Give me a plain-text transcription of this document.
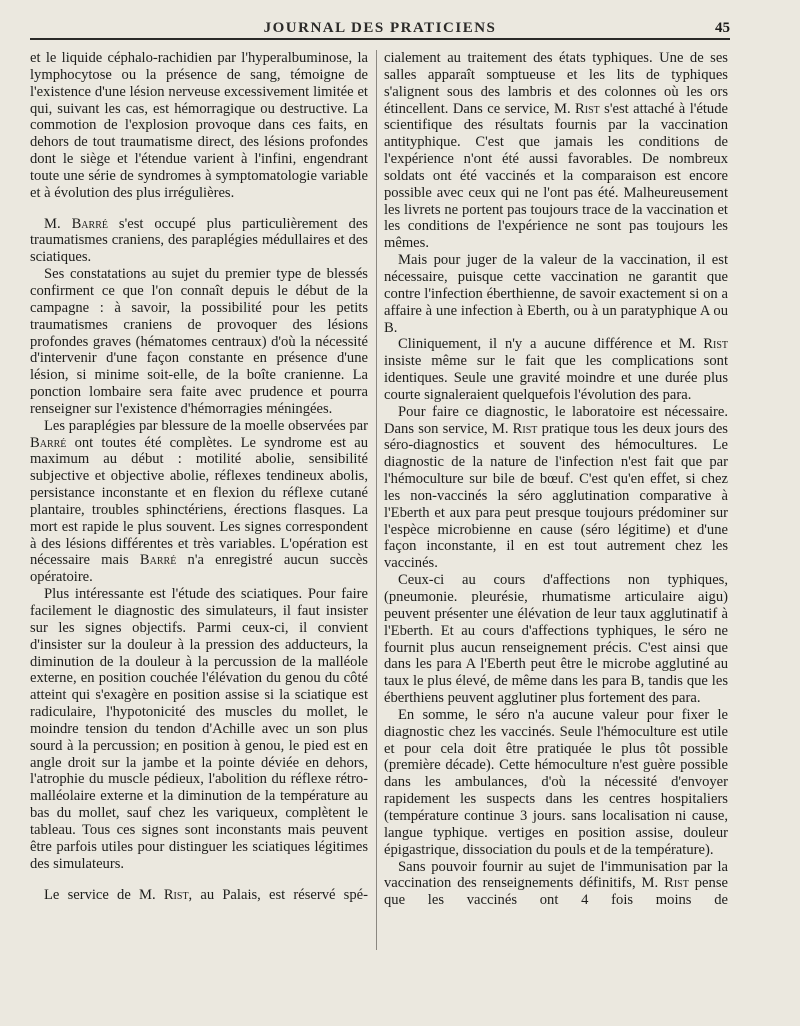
JOURNAL DES PRATICIENS	45

et le liquide céphalo-rachidien par l'hyperalbuminose, la lymphocytose ou la présence de sang, témoigne de l'existence d'une lésion nerveuse excessivement limitée et qui, suivant les cas, est hémorragique ou destructive. La commotion de l'explosion provoque dans ces faits, en dehors de tout traumatisme direct, des lésions profondes dont le siège et l'étendue varient à l'infini, engendrant toute une série de syndromes à symptomatologie variable et à évolution des plus irrégulières.

M. Barré s'est occupé plus particulièrement des traumatismes craniens, des paraplégies médullaires et des sciatiques.

Ses constatations au sujet du premier type de blessés confirment ce que l'on connaît depuis le début de la campagne : à savoir, la possibilité pour les petits traumatismes craniens de provoquer des lésions profondes graves (hématomes centraux) d'où la nécessité d'intervenir d'une façon constante en présence d'une lésion, si minime soit-elle, de la boîte cranienne. La ponction lombaire sera faite avec prudence et pourra renseigner sur l'existence d'hémorragies méningées.

Les paraplégies par blessure de la moelle observées par Barré ont toutes été complètes. Le syndrome est au maximum au début : motilité abolie, sensibilité subjective et objective abolie, réflexes tendineux abolis, persistance inconstante et en flexion du réflexe cutané plantaire, troubles sphinctériens, érections flasques. La mort est rapide le plus souvent. Les signes correspondent à des lésions différentes et très variables. L'opération est nécessaire mais Barré n'a enregistré aucun succès opératoire.

Plus intéressante est l'étude des sciatiques. Pour faire facilement le diagnostic des simulateurs, il faut insister sur les signes objectifs. Parmi ceux-ci, il convient d'insister sur la douleur à la pression des adducteurs, la diminution de la douleur à la percussion de la malléole externe, en position couchée l'élévation du genou du côté atteint qui s'exagère en position assise si la sciatique est radiculaire, l'hypotonicité des muscles du mollet, le moindre tension du tendon d'Achille avec un son plus sourd à la percussion; en position à genou, le pied est en angle droit sur la jambe et la pointe déviée en dehors, l'atrophie du muscle pédieux, l'abolition du réflexe rétro-malléolaire externe et la diminution de la température au bas du mollet, sauf chez les variqueux, complètent le tableau. Tous ces signes sont inconstants mais peuvent être parfois utiles pour distinguer les sciatiques légitimes des simulateurs.

Le service de M. Rist, au Palais, est réservé spé-

cialement au traitement des états typhiques. Une de ses salles apparaît somptueuse et les lits de typhiques s'alignent sous des lambris et des colonnes où les ors étincellent. Dans ce service, M. Rist s'est attaché à l'étude scientifique des résultats fournis par la vaccination antityphique. C'est que jamais les conditions de l'expérience n'ont été aussi favorables. De nombreux soldats ont été vaccinés et la comparaison est encore possible avec ceux qui ne l'ont pas été. Malheureusement les livrets ne portent pas toujours trace de la vaccination et les conditions de l'expérience ne sont pas toujours les mêmes.

Mais pour juger de la valeur de la vaccination, il est nécessaire, puisque cette vaccination ne garantit que contre l'infection éberthienne, de savoir exactement si on a affaire à une infection à Eberth, ou à un paratyphique A ou B.

Cliniquement, il n'y a aucune différence et M. Rist insiste même sur le fait que les complications sont identiques. Seule une gravité moindre et une durée plus courte signaleraient quelquefois l'évolution des para.

Pour faire ce diagnostic, le laboratoire est nécessaire. Dans son service, M. Rist pratique tous les deux jours des séro-diagnostics et souvent des hémocultures. Le diagnostic de la nature de l'infection n'est fait que par l'hémoculture sur bile de bœuf. C'est qu'en effet, si chez les non-vaccinés la séro agglutination comparative à l'Eberth et aux para peut presque toujours prédominer sur l'espèce microbienne en cause (séro légitime) et d'une façon inconstante, il en est tout autrement chez les vaccinés.

Ceux-ci au cours d'affections non typhiques, (pneumonie. pleurésie, rhumatisme articulaire aigu) peuvent présenter une élévation de leur taux agglutinatif à l'Eberth. Et au cours d'affections typhiques, le séro ne fournit plus aucun renseignement précis. C'est ainsi que dans les para A l'Eberth peut être le microbe agglutiné au taux le plus élevé, de même dans les para B, tandis que les éberthiens peuvent agglutiner plus fortement des para.

En somme, le séro n'a aucune valeur pour fixer le diagnostic chez les vaccinés. Seule l'hémoculture est utile et pour cela doit être pratiquée le plus tôt possible (première décade). Cette hémoculture n'est guère possible dans les ambulances, d'où la nécessité d'envoyer rapidement les suspects dans les centres hospitaliers (température continue 3 jours. sans localisation ni cause, langue typhique. vertiges en position assise, douleur épigastrique, dissociation du pouls et de la température).

Sans pouvoir fournir au sujet de l'immunisation par la vaccination des renseignements définitifs, M. Rist pense que les vaccinés ont 4 fois moins de
